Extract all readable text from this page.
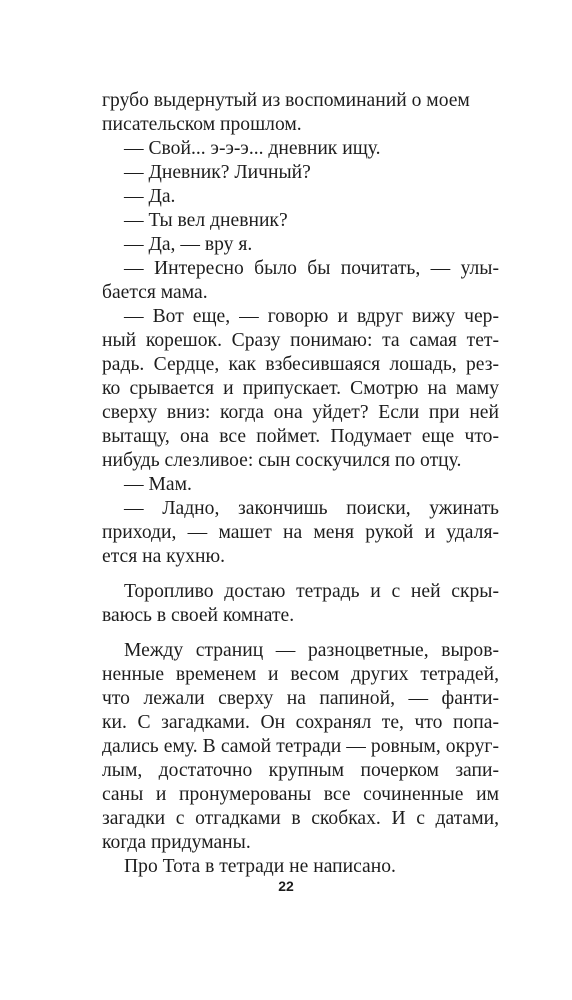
грубо выдернутый из воспоминаний о моем
писательском прошлом.
— Свой... э-э-э... дневник ищу.
— Дневник? Личный?
— Да.
— Ты вел дневник?
— Да, — вру я.
— Интересно было бы почитать, — улы-
бается мама.
— Вот еще, — говорю и вдруг вижу чер-
ный корешок. Сразу понимаю: та самая тет-
радь. Сердце, как взбесившаяся лошадь, рез-
ко срывается и припускает. Смотрю на маму
сверху вниз: когда она уйдет? Если при ней
вытащу, она все поймет. Подумает еще что-
нибудь слезливое: сын соскучился по отцу.
— Мам.
— Ладно, закончишь поиски, ужинать
приходи, — машет на меня рукой и удаля-
ется на кухню.
Торопливо достаю тетрадь и с ней скры-
ваюсь в своей комнате.
Между страниц — разноцветные, выров-
ненные временем и весом других тетрадей,
что лежали сверху на папиной, — фанти-
ки. С загадками. Он сохранял те, что попа-
дались ему. В самой тетради — ровным, округ-
лым, достаточно крупным почерком запи-
саны и пронумерованы все сочиненные им
загадки с отгадками в скобках. И с датами,
когда придуманы.
Про Тота в тетради не написано.
22
